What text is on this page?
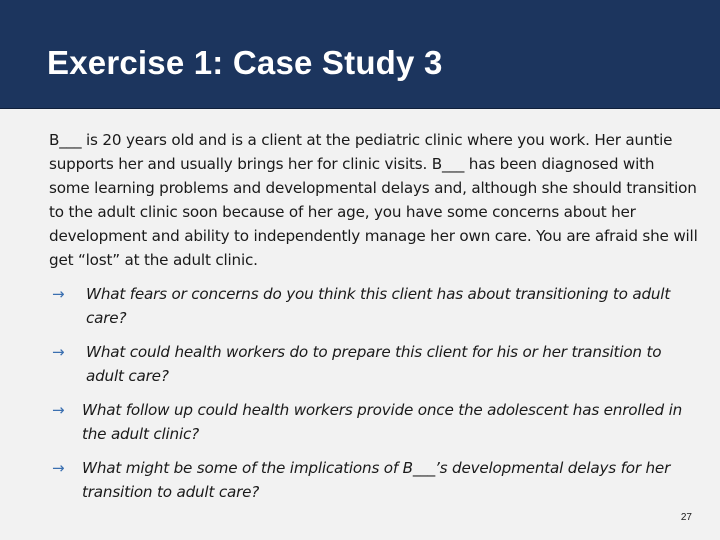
Exercise 1: Case Study 3
B___ is 20 years old and is a client at the pediatric clinic where you work. Her auntie supports her and usually brings her for clinic visits. B___ has been diagnosed with some learning problems and developmental delays and, although she should transition to the adult clinic soon because of her age, you have some concerns about her development and ability to independently manage her own care. You are afraid she will get “lost” at the adult clinic.
→	What fears or concerns do you think this client has about transitioning to adult care?
→	What could health workers do to prepare this client for his or her transition to adult care?
→	What follow up could health workers provide once the adolescent has enrolled in the adult clinic?
→	What might be some of the implications of B___’s developmental delays for her transition to adult care?
27
